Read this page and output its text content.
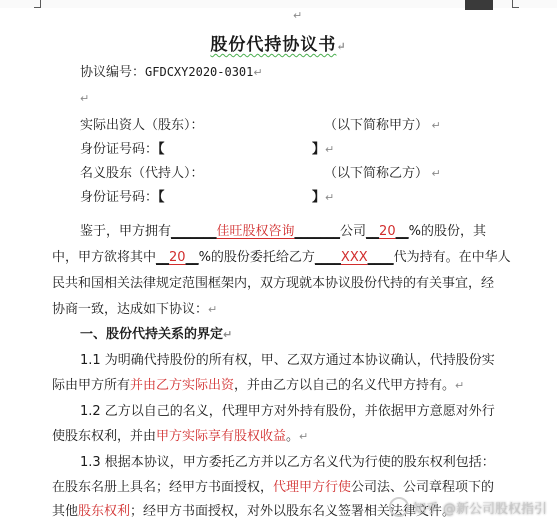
↵
股份代持协议书↵
协议编号：GFDCXY2020-0301↵
↵
实际出资人（股东）：	（以下简称甲方） ↵
身份证号码：【	】↵
名义股东（代持人）：	（以下简称乙方） ↵
身份证号码：【	】↵
鉴于，甲方拥有_______佳旺股权咨询_______公司__20__%的股份，其
中，甲方欲将其中__20__%的股份委托给乙方____XXX____代为持有。在中华人
民共和国相关法律规定范围框架内，双方现就本协议股份代持的有关事宜，经
协商一致，达成如下协议：↵
一、股份代持关系的界定↵
1.1 为明确代持股份的所有权，甲、乙双方通过本协议确认，代持股份实
际由甲方所有并由乙方实际出资，并由乙方以自己的名义代甲方持有。↵
1.2 乙方以自己的名义，代理甲方对外持有股份，并依据甲方意愿对外行
使股东权利，并由甲方实际享有股权收益。↵
1.3 根据本协议，甲方委托乙方并以乙方名义代为行使的股东权利包括：
在股东名册上具名；经甲方书面授权，代理甲方行使公司法、公司章程项下的
其他股东权利；经甲方书面授权，对外以股东名义签署相关法律文件。
知乎 @新公司股权指引
